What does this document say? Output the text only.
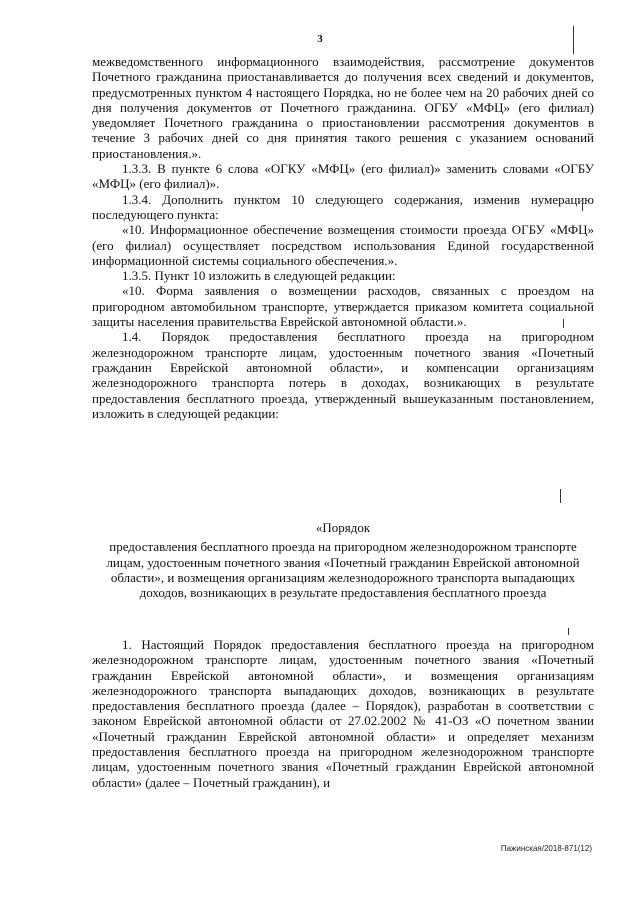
3

межведомственного информационного взаимодействия, рассмотрение документов Почетного гражданина приостанавливается до получения всех сведений и документов, предусмотренных пунктом 4 настоящего Порядка, но не более чем на 20 рабочих дней со дня получения документов от Почетного гражданина. ОГБУ «МФЦ» (его филиал) уведомляет Почетного гражданина о приостановлении рассмотрения документов в течение 3 рабочих дней со дня принятия такого решения с указанием оснований приостановления.».

1.3.3. В пункте 6 слова «ОГКУ «МФЦ» (его филиал)» заменить словами «ОГБУ «МФЦ» (его филиал)».

1.3.4. Дополнить пунктом 10 следующего содержания, изменив нумерацию последующего пункта:

«10. Информационное обеспечение возмещения стоимости проезда ОГБУ «МФЦ» (его филиал) осуществляет посредством использования Единой государственной информационной системы социального обеспечения.».

1.3.5. Пункт 10 изложить в следующей редакции:

«10. Форма заявления о возмещении расходов, связанных с проездом на пригородном автомобильном транспорте, утверждается приказом комитета социальной защиты населения правительства Еврейской автономной области.».

1.4. Порядок предоставления бесплатного проезда на пригородном железнодорожном транспорте лицам, удостоенным почетного звания «Почетный гражданин Еврейской автономной области», и компенсации организациям железнодорожного транспорта потерь в доходах, возникающих в результате предоставления бесплатного проезда, утвержденный вышеуказанным постановлением, изложить в следующей редакции:

«Порядок

предоставления бесплатного проезда на пригородном железнодорожном транспорте лицам, удостоенным почетного звания «Почетный гражданин Еврейской автономной области», и возмещения организациям железнодорожного транспорта выпадающих доходов, возникающих в результате предоставления бесплатного проезда

1. Настоящий Порядок предоставления бесплатного проезда на пригородном железнодорожном транспорте лицам, удостоенным почетного звания «Почетный гражданин Еврейской автономной области», и возмещения организациям железнодорожного транспорта выпадающих доходов, возникающих в результате предоставления бесплатного проезда (далее – Порядок), разработан в соответствии с законом Еврейской автономной области от 27.02.2002 № 41-ОЗ «О почетном звании «Почетный гражданин Еврейской автономной области» и определяет механизм предоставления бесплатного проезда на пригородном железнодорожном транспорте лицам, удостоенным почетного звания «Почетный гражданин Еврейской автономной области» (далее – Почетный гражданин), и

Пажинская/2018-871(12)
